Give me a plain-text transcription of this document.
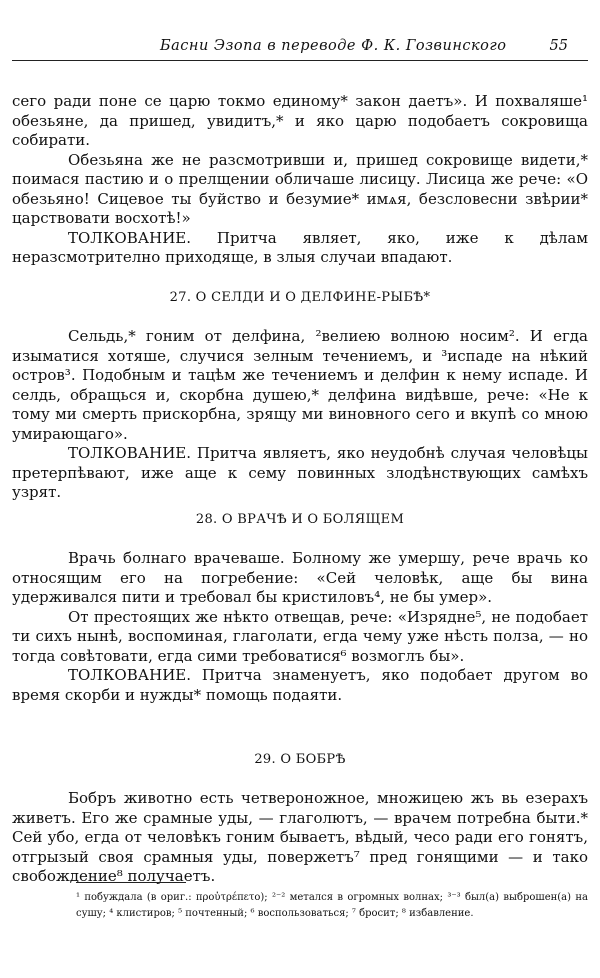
Басни Эзопа в переводе Ф. К. Гозвинского	55

сего ради поне се царю токмо единому* закон даетъ». И похваляше¹ обезьяне, да пришед, увидитъ,* и яко царю подобаетъ сокровища собирати.

Обезьяна же не разсмотривши и, пришед сокровище видети,* поимася пастию и о прелщении обличаше лисицу. Лисица же рече: «О обезьяно! Сицевое ты буйство и безумие* имѧя, безсловесни звѣрии* царствовати восхотѣ!»

ТОЛКОВАНИЕ. Притча являет, яко, иже к дѣлам неразсмотрително приходяще, в злыя случаи впадают.

27. О СЕЛДИ И О ДЕЛФИНЕ-РЫБѢ*

Сельдь,* гоним от делфина, ²велиею волною носим². И егда изыматися хотяше, случися зелным течениемъ, и ³испаде на нѣкий остров³. Подобным и тацѣм же течениемъ и делфин к нему испаде. И селдь, обращься и, скорбна душею,* делфина видѣвше, рече: «Не к тому ми смерть прискорбна, зрящу ми виновного сего и вкупѣ со мною умирающаго».

ТОЛКОВАНИЕ. Притча являетъ, яко неудобнѣ случая человѣцы претерпѣвают, иже аще к сему повинных злодѣнствующих самѣхъ узрят.

28. О ВРАЧѢ И О БОЛЯЩЕМ

Врачь болнаго врачеваше. Болному же умершу, рече врачь ко относящим его на погребение: «Сей человѣк, аще бы вина удерживался пити и требовал бы кристиловъ⁴, не бы умер».

От престоящих же нѣкто отвещав, рече: «Изрядне⁵, не подобает ти сихъ нынѣ, воспоминая, глаголати, егда чему уже нѣсть полза, — но тогда совѣтовати, егда сими требоватися⁶ возмоглъ бы».

ТОЛКОВАНИЕ. Притча знаменуетъ, яко подобает другом во время скорби и нужды* помощь подаяти.

29. О БОБРѢ

Бобръ животно есть четвероножное, множицею жъ вь езерахъ живетъ. Его же срамные уды, — глаголютъ, — врачем потребна быти.* Сей убо, егда от человѣкъ гоним бываетъ, вѣдый, чесо ради его гонятъ, отгрызый своя срамныя уды, повержетъ⁷ пред гонящими — и тако свобождение⁸ получаетъ.

¹ побуждала (в ориг.: προὐτρέπετο); ²⁻² метался в огромных волнах; ³⁻³ был(а) выброшен(а) на сушу; ⁴ клистиров; ⁵ почтенный; ⁶ воспользоваться; ⁷ бросит; ⁸ избавление.
